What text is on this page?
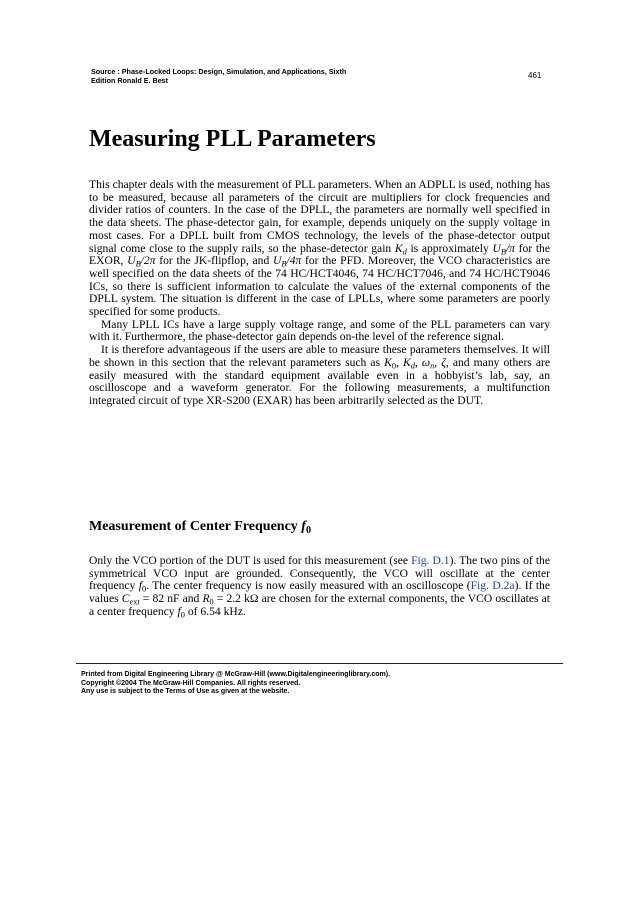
Source : Phase-Locked Loops: Design, Simulation, and Applications, Sixth
Edition Ronald E. Best
461
Measuring PLL Parameters

This chapter deals with the measurement of PLL parameters. When an ADPLL is used, nothing has to be measured, because all parameters of the circuit are multipliers for clock frequencies and divider ratios of counters. In the case of the DPLL, the parameters are normally well specified in the data sheets. The phase-detector gain, for example, depends uniquely on the supply voltage in most cases. For a DPLL built from CMOS technology, the levels of the phase-detector output signal come close to the supply rails, so the phase-detector gain $K_d$ is approximately $U_B/\pi$ for the EXOR, $U_B/2\pi$ for the JK-flipflop, and $U_B/4\pi$ for the PFD. Moreover, the VCO characteristics are well specified on the data sheets of the 74 HC/HCT4046, 74 HC/HCT7046, and 74 HC/HCT9046 ICs, so there is sufficient information to calculate the values of the external components of the DPLL system. The situation is different in the case of LPLLs, where some parameters are poorly specified for some products.

Many LPLL ICs have a large supply voltage range, and some of the PLL parameters can vary with it. Furthermore, the phase-detector gain depends on-the level of the reference signal.

It is therefore advantageous if the users are able to measure these parameters themselves. It will be shown in this section that the relevant parameters such as $K_0$, $K_d$, $\omega_n$, ζ, and many others are easily measured with the standard equipment available even in a hobbyist’s lab, say, an oscilloscope and a waveform generator. For the following measurements, a multifunction integrated circuit of type XR-S200 (EXAR) has been arbitrarily selected as the DUT.

Measurement of Center Frequency $f_0$

Only the VCO portion of the DUT is used for this measurement (see Fig. D.1). The two pins of the symmetrical VCO input are grounded. Consequently, the VCO will oscillate at the center frequency $f_0$. The center frequency is now easily measured with an oscilloscope (Fig. D.2a). If the values $C_{ext} = 82$ nF and $R_0 = 2.2$ kΩ are chosen for the external components, the VCO oscillates at a center frequency $f_0$ of 6.54 kHz.

Printed from Digital Engineering Library @ McGraw-Hill (www.Digitalengineeringlibrary.com).
Copyright ©2004 The McGraw-Hill Companies. All rights reserved.
Any use is subject to the Terms of Use as given at the website.
